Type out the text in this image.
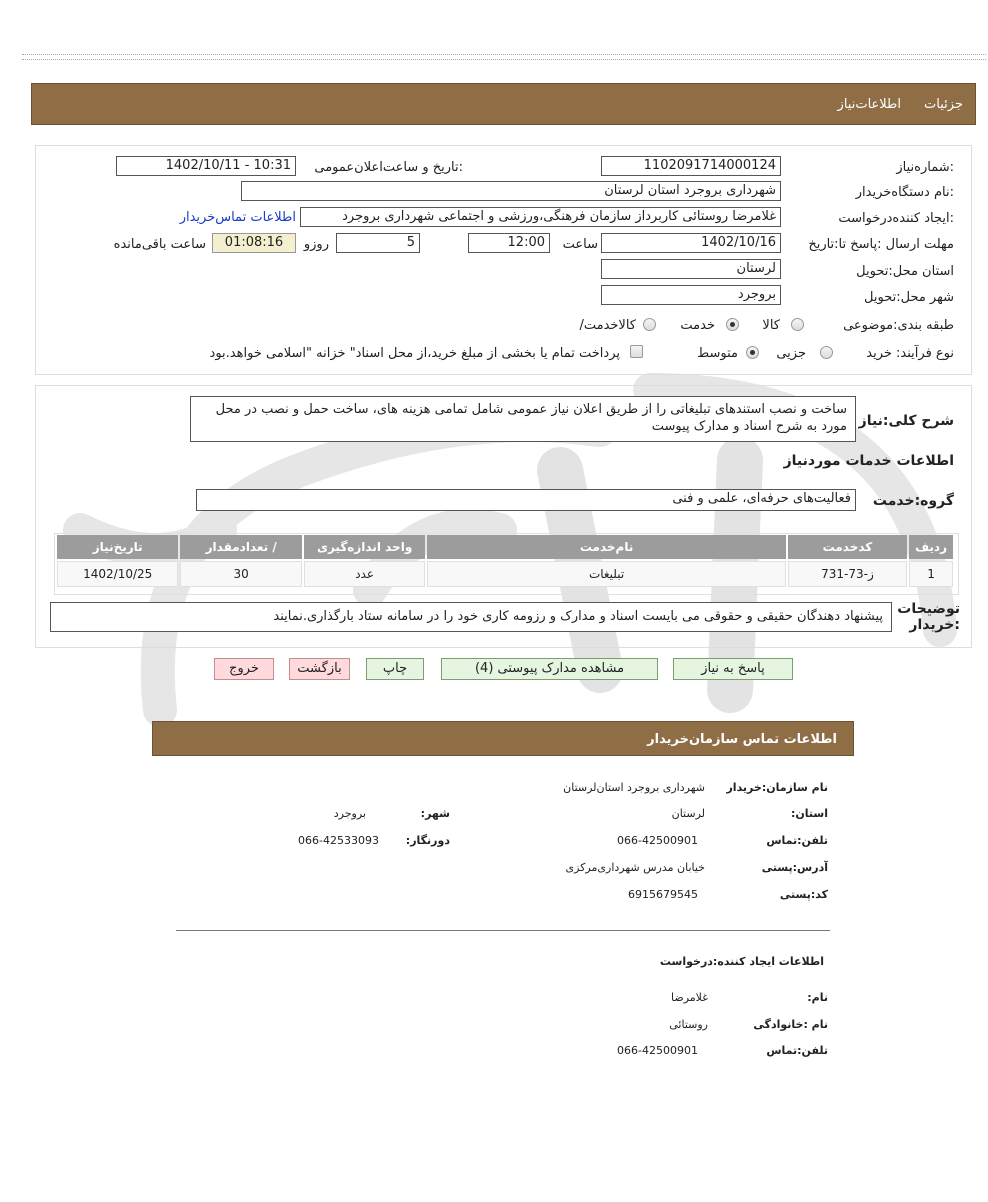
جزئیات
اطلاعات‌نیاز
شماره‌نیاز:
1102091714000124
تاریخ و ساعت‌اعلان‌عمومی:
1402/10/11 - 10:31
نام دستگاه‌خریدار:
شهرداری بروجرد استان لرستان
ایجاد کننده‌درخواست:
غلامرضا روستائی کاربرداز سازمان فرهنگی،ورزشی و اجتماعی شهرداری بروجرد
اطلاعات تماس‌خریدار
مهلت ارسال :پاسخ تا:تاریخ
1402/10/16
ساعت
12:00
5
روزو
01:08:16
ساعت باقی‌مانده
استان محل:تحویل
لرستان
شهر محل:تحویل
بروجرد
طبقه بندی:موضوعی
کالا
خدمت
/کالاخدمت
نوع فرآیند: خرید
جزیی
متوسط
پرداخت تمام یا بخشی از مبلغ خرید،از محل اسناد" خزانه "اسلامی خواهد.بود
شرح کلی:نیاز
ساخت و نصب استندهای تبلیغاتی را از طریق اعلان نیاز عمومی شامل تمامی هزینه های، ساخت حمل و نصب در محل مورد به شرح اسناد و مدارک پیوست
اطلاعات خدمات موردنیاز
گروه:خدمت
فعالیت‌های حرفه‌ای، علمی و فنی
ردیف	کدخدمت	نام‌خدمت	واحد اندازه‌گیری	/ تعدادمقدار	تاریخ‌نیاز
1	ز-73-731	تبلیغات	عدد	30	1402/10/25
توضیحات :خریدار
پیشنهاد دهندگان حقیقی و حقوقی می بایست اسناد و مدارک و رزومه کاری خود را در سامانه ستاد بارگذاری.نمایند
پاسخ به نیاز
مشاهده مدارک پیوستی (4)
چاپ
بازگشت
خروج
اطلاعات تماس سازمان‌خریدار
نام سازمان:خریدار
شهرداری بروجرد استان‌لرستان
:استان
لرستان
:شهر
بروجرد
تلفن:تماس
066-42500901
:دورنگار
066-42533093
آدرس:پستی
خیابان مدرس شهرداری‌مرکزی
کد:پستی
6915679545
اطلاعات ایجاد کننده:درخواست
:نام
غلامرضا
نام :خانوادگی
روستائی
تلفن:تماس
066-42500901
